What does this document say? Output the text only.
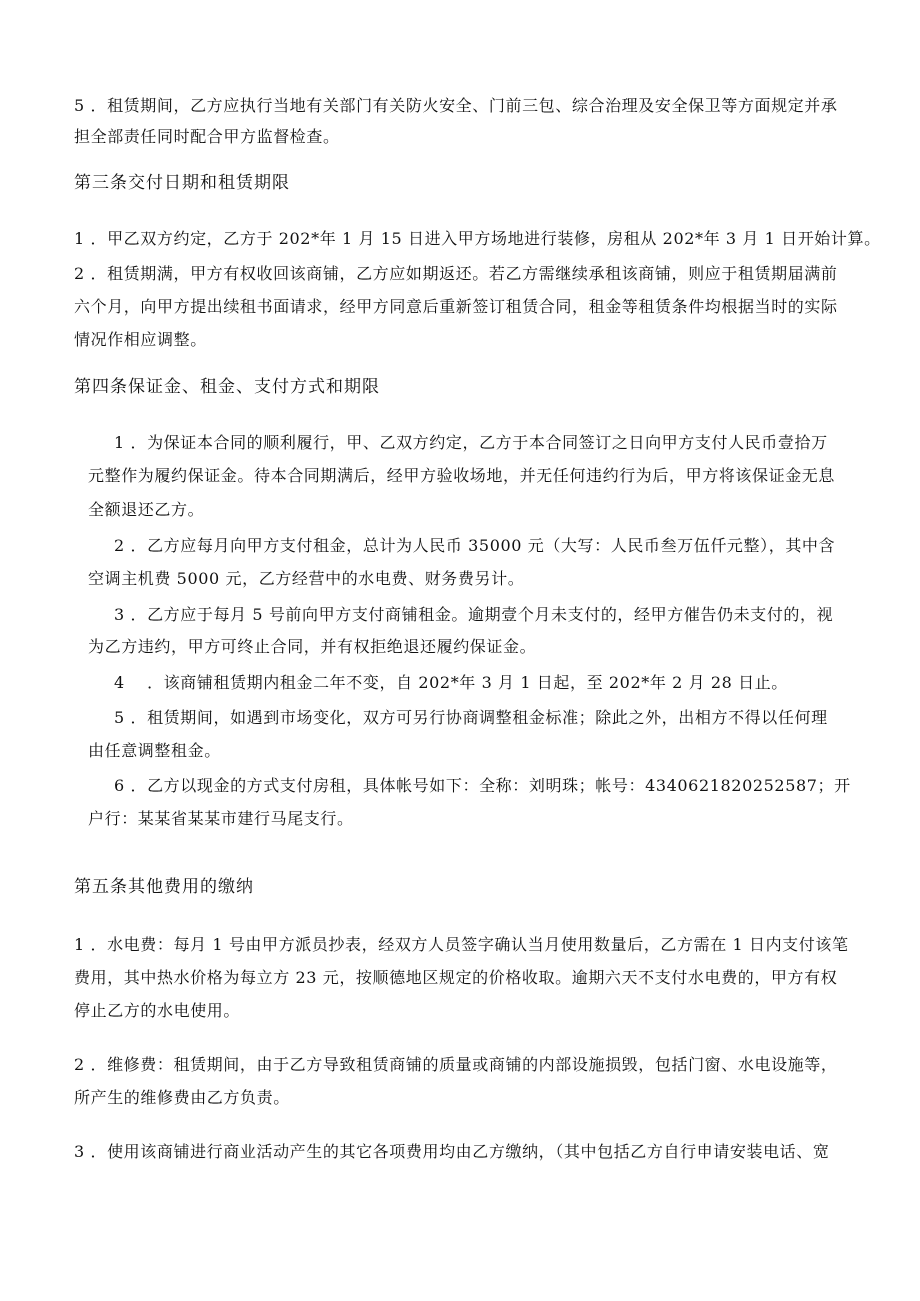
5 ．租赁期间，乙方应执行当地有关部门有关防火安全、门前三包、综合治理及安全保卫等方面规定并承
担全部责任同时配合甲方监督检查。
第三条交付日期和租赁期限
1 ．甲乙双方约定，乙方于 202*年 1 月 15 日进入甲方场地进行装修，房租从 202*年 3 月 1 日开始计算。
2 ．租赁期满，甲方有权收回该商铺，乙方应如期返还。若乙方需继续承租该商铺，则应于租赁期届满前
六个月，向甲方提出续租书面请求，经甲方同意后重新签订租赁合同，租金等租赁条件均根据当时的实际
情况作相应调整。
第四条保证金、租金、支付方式和期限
1 ．为保证本合同的顺利履行，甲、乙双方约定，乙方于本合同签订之日向甲方支付人民币壹拾万
元整作为履约保证金。待本合同期满后，经甲方验收场地，并无任何违约行为后，甲方将该保证金无息
全额退还乙方。
2 ．乙方应每月向甲方支付租金，总计为人民币 35000 元（大写：人民币叁万伍仟元整），其中含
空调主机费 5000 元，乙方经营中的水电费、财务费另计。
3 ．乙方应于每月 5 号前向甲方支付商铺租金。逾期壹个月未支付的，经甲方催告仍未支付的，视
为乙方违约，甲方可终止合同，并有权拒绝退还履约保证金。
4 　．该商铺租赁期内租金二年不变，自 202*年 3 月 1 日起，至 202*年 2 月 28 日止。
5 ．租赁期间，如遇到市场变化，双方可另行协商调整租金标准；除此之外，出相方不得以任何理
由任意调整租金。
6 ．乙方以现金的方式支付房租，具体帐号如下：全称：刘明珠；帐号：4340621820252587；开
户行：某某省某某市建行马尾支行。
第五条其他费用的缴纳
1 ．水电费：每月 1 号由甲方派员抄表，经双方人员签字确认当月使用数量后，乙方需在 1 日内支付该笔
费用，其中热水价格为每立方 23 元，按顺德地区规定的价格收取。逾期六天不支付水电费的，甲方有权
停止乙方的水电使用。
2 ．维修费：租赁期间，由于乙方导致租赁商铺的质量或商铺的内部设施损毁，包括门窗、水电设施等，
所产生的维修费由乙方负责。
3 ．使用该商铺进行商业活动产生的其它各项费用均由乙方缴纳，（其中包括乙方自行申请安装电话、宽
